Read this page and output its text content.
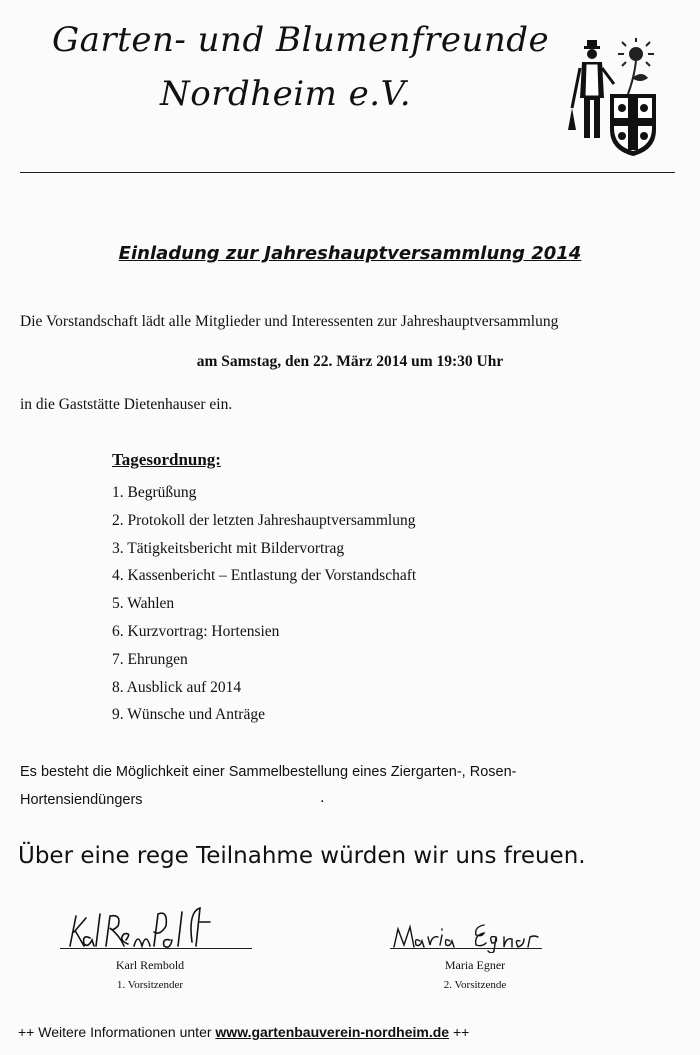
Garten- und Blumenfreunde
Nordheim e.V.
Einladung zur Jahreshauptversammlung 2014
Die Vorstandschaft lädt alle Mitglieder und Interessenten zur Jahreshauptversammlung
am Samstag, den 22. März 2014 um 19:30 Uhr
in die Gaststätte Dietenhauser ein.
Tagesordnung:
1. Begrüßung
2. Protokoll der letzten Jahreshauptversammlung
3. Tätigkeitsbericht mit Bildervortrag
4. Kassenbericht – Entlastung der Vorstandschaft
5. Wahlen
6. Kurzvortrag: Hortensien
7. Ehrungen
8. Ausblick auf 2014
9. Wünsche und Anträge
Es besteht die Möglichkeit einer Sammelbestellung eines Ziergarten-, Rosen-
Hortensiendüngers	.
Über eine rege Teilnahme würden wir uns freuen.
Karl Rembold
1. Vorsitzender
Maria Egner
2. Vorsitzende
++ Weitere Informationen unter www.gartenbauverein-nordheim.de ++
